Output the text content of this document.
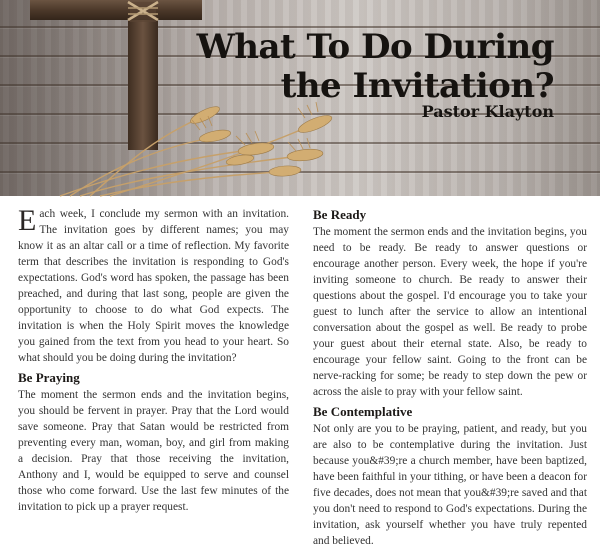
What To Do During the Invitation?
Pastor Klayton
Each week, I conclude my sermon with an invitation. The invitation goes by different names; you may know it as an altar call or a time of reflection. My favorite term that describes the invitation is responding to God's expectations. God's word has spoken, the passage has been preached, and during that last song, people are given the opportunity to choose to do what God expects. The invitation is when the Holy Spirit moves the knowledge you gained from the text from you head to your heart. So what should you be doing during the invitation?
Be Praying
The moment the sermon ends and the invitation begins, you should be fervent in prayer. Pray that the Lord would save someone. Pray that Satan would be restricted from preventing every man, woman, boy, and girl from making a decision. Pray that those receiving the invitation, Anthony and I, would be equipped to serve and counsel those who come forward. Use the last few minutes of the invitation to pick up a prayer request.
Be Ready
The moment the sermon ends and the invitation begins, you need to be ready. Be ready to answer questions or encourage another person. Every week, the hope if you're inviting someone to church. Be ready to answer their questions about the gospel. I'd encourage you to take your guest to lunch after the service to allow an intentional conversation about the gospel as well. Be ready to probe your guest about their eternal state. Also, be ready to encourage your fellow saint. Going to the front can be nerve-racking for some; be ready to step down the pew or across the aisle to pray with your fellow saint.
Be Contemplative
Not only are you to be praying, patient, and ready, but you are also to be contemplative during the invitation. Just because you&#39;re a church member, have been baptized, have been faithful in your tithing, or have been a deacon for five decades, does not mean that you&#39;re saved and that you don't need to respond to God's expectations. During the invitation, ask yourself whether you have truly repented and believed.
